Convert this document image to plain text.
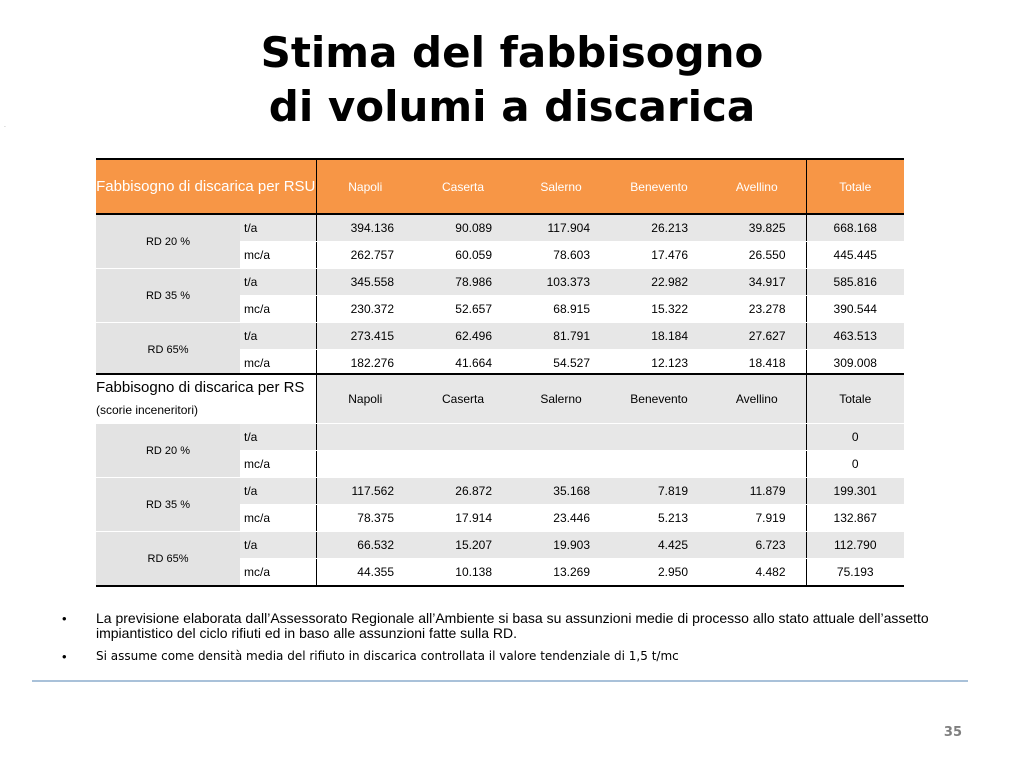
Stima del fabbisogno
di volumi a discarica
`
Fabbisogno di discarica per RSU		Napoli	Caserta	Salerno	Benevento	Avellino	Totale
RD 20 %	t/a	394.136	90.089	117.904	26.213	39.825	668.168
	mc/a	262.757	60.059	78.603	17.476	26.550	445.445
RD 35 %	t/a	345.558	78.986	103.373	22.982	34.917	585.816
	mc/a	230.372	52.657	68.915	15.322	23.278	390.544
RD 65%	t/a	273.415	62.496	81.791	18.184	27.627	463.513
	mc/a	182.276	41.664	54.527	12.123	18.418	309.008
Fabbisogno di discarica per RS (scorie inceneritori)		Napoli	Caserta	Salerno	Benevento	Avellino	Totale
RD 20 %	t/a						0
	mc/a						0
RD 35 %	t/a	117.562	26.872	35.168	7.819	11.879	199.301
	mc/a	78.375	17.914	23.446	5.213	7.919	132.867
RD 65%	t/a	66.532	15.207	19.903	4.425	6.723	112.790
	mc/a	44.355	10.138	13.269	2.950	4.482	75.193
• La previsione elaborata dall’Assessorato Regionale all’Ambiente si basa su assunzioni medie di processo allo stato attuale dell’assetto impiantistico del ciclo rifiuti ed in baso alle assunzioni fatte sulla RD.
• Si assume come densità media del rifiuto in discarica controllata il valore tendenziale di 1,5 t/mc
35
